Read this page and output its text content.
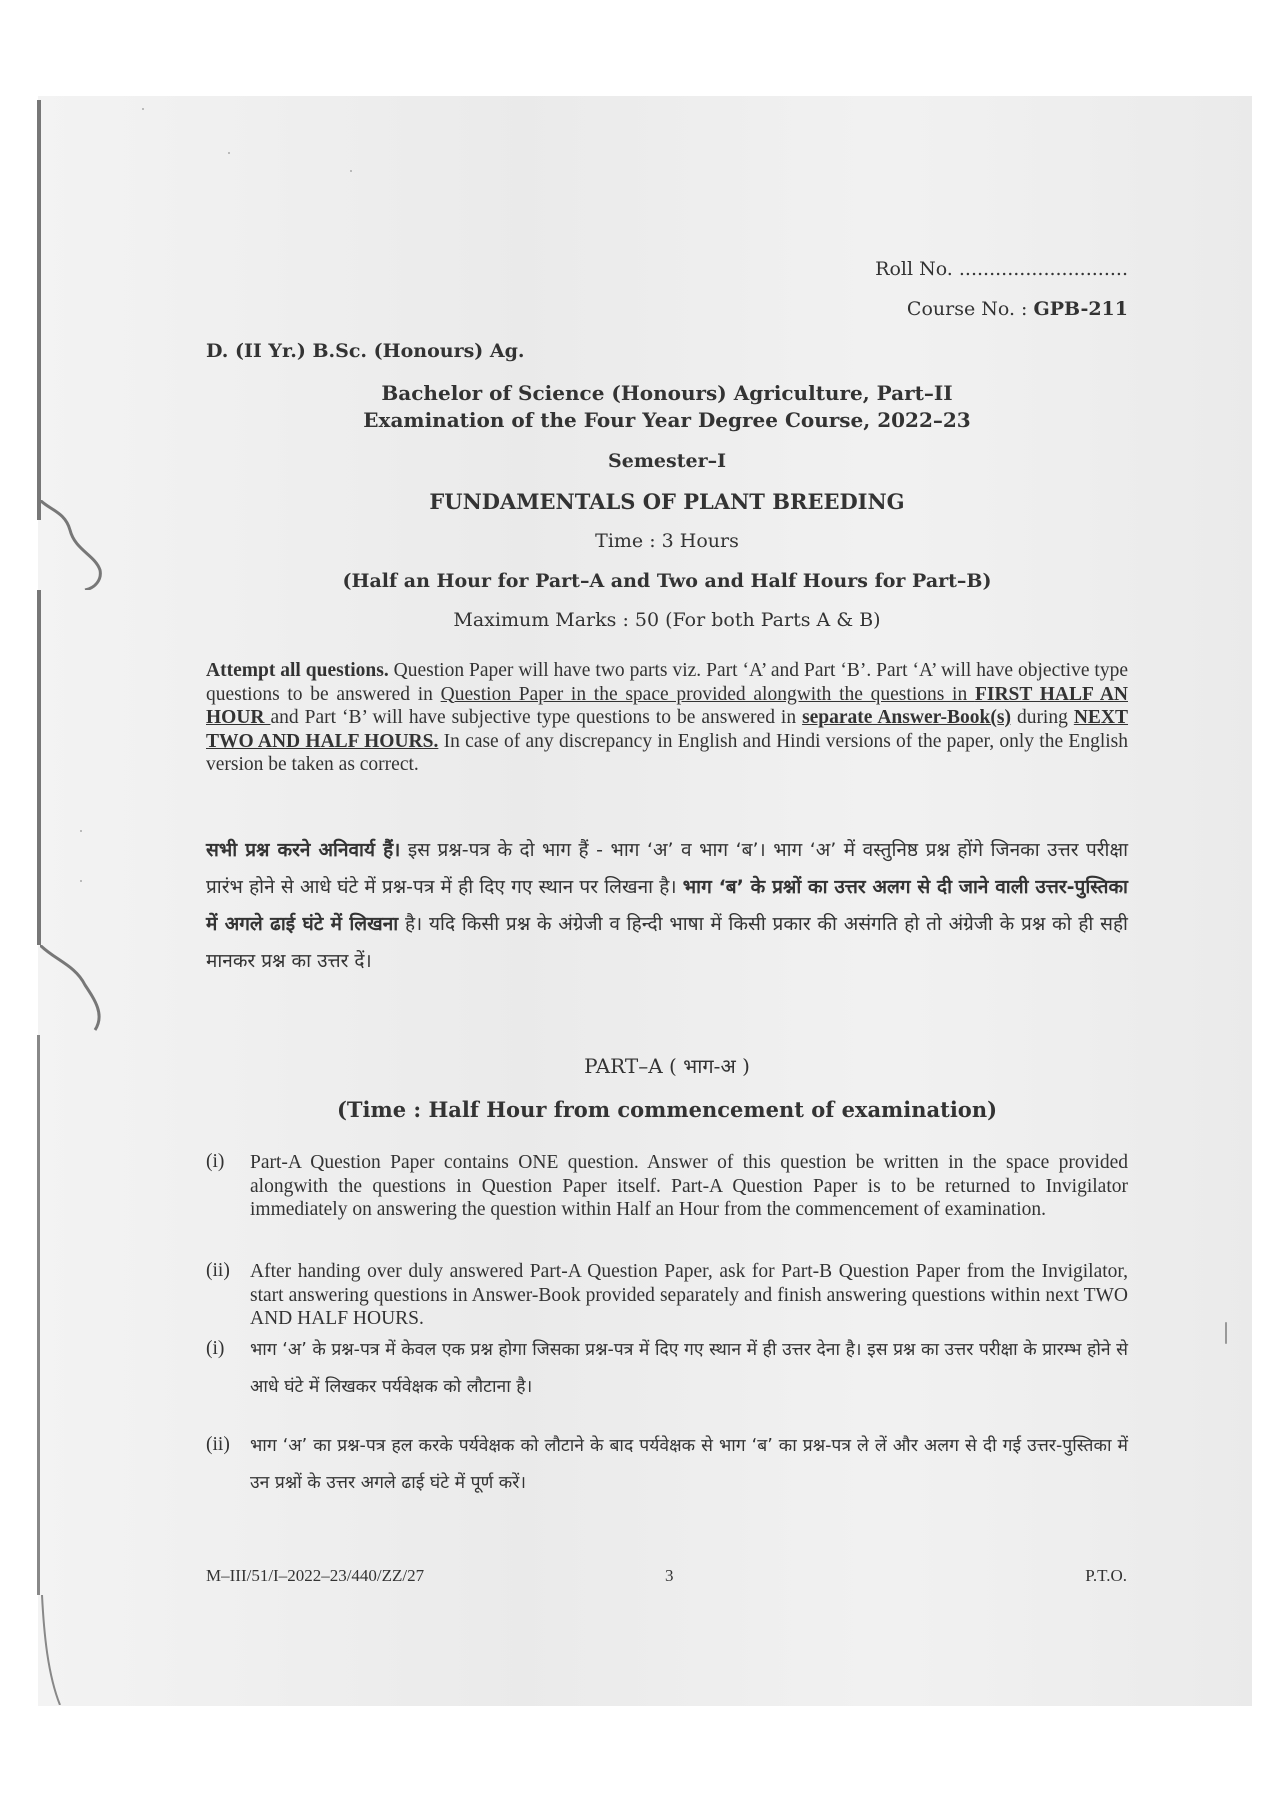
Roll No. ............................
Course No. : GPB-211
D. (II Yr.) B.Sc. (Honours) Ag.
Bachelor of Science (Honours) Agriculture, Part–II
Examination of the Four Year Degree Course, 2022–23
Semester–I
FUNDAMENTALS OF PLANT BREEDING
Time : 3 Hours
(Half an Hour for Part–A and Two and Half Hours for Part–B)
Maximum Marks : 50 (For both Parts A & B)
Attempt all questions. Question Paper will have two parts viz. Part ‘A’ and Part ‘B’. Part ‘A’ will have objective type questions to be answered in Question Paper in the space provided alongwith the questions in FIRST HALF AN HOUR and Part ‘B’ will have subjective type questions to be answered in separate Answer-Book(s) during NEXT TWO AND HALF HOURS. In case of any discrepancy in English and Hindi versions of the paper, only the English version be taken as correct.
सभी प्रश्न करने अनिवार्य हैं। इस प्रश्न-पत्र के दो भाग हैं - भाग ‘अ’ व भाग ‘ब’। भाग ‘अ’ में वस्तुनिष्ठ प्रश्न होंगे जिनका उत्तर परीक्षा प्रारंभ होने से आधे घंटे में प्रश्न-पत्र में ही दिए गए स्थान पर लिखना है। भाग ‘ब’ के प्रश्नों का उत्तर अलग से दी जाने वाली उत्तर-पुस्तिका में अगले ढाई घंटे में लिखना है। यदि किसी प्रश्न के अंग्रेजी व हिन्दी भाषा में किसी प्रकार की असंगति हो तो अंग्रेजी के प्रश्न को ही सही मानकर प्रश्न का उत्तर दें।
PART–A ( भाग-अ )
(Time : Half Hour from commencement of examination)
(i) Part-A Question Paper contains ONE question. Answer of this question be written in the space provided alongwith the questions in Question Paper itself. Part-A Question Paper is to be returned to Invigilator immediately on answering the question within Half an Hour from the commencement of examination.
(ii) After handing over duly answered Part-A Question Paper, ask for Part-B Question Paper from the Invigilator, start answering questions in Answer-Book provided separately and finish answering questions within next TWO AND HALF HOURS.
(i) भाग ‘अ’ के प्रश्न-पत्र में केवल एक प्रश्न होगा जिसका प्रश्न-पत्र में दिए गए स्थान में ही उत्तर देना है। इस प्रश्न का उत्तर परीक्षा के प्रारम्भ होने से आधे घंटे में लिखकर पर्यवेक्षक को लौटाना है।
(ii) भाग ‘अ’ का प्रश्न-पत्र हल करके पर्यवेक्षक को लौटाने के बाद पर्यवेक्षक से भाग ‘ब’ का प्रश्न-पत्र ले लें और अलग से दी गई उत्तर-पुस्तिका में उन प्रश्नों के उत्तर अगले ढाई घंटे में पूर्ण करें।
M–III/51/I–2022–23/440/ZZ/27	3	P.T.O.
